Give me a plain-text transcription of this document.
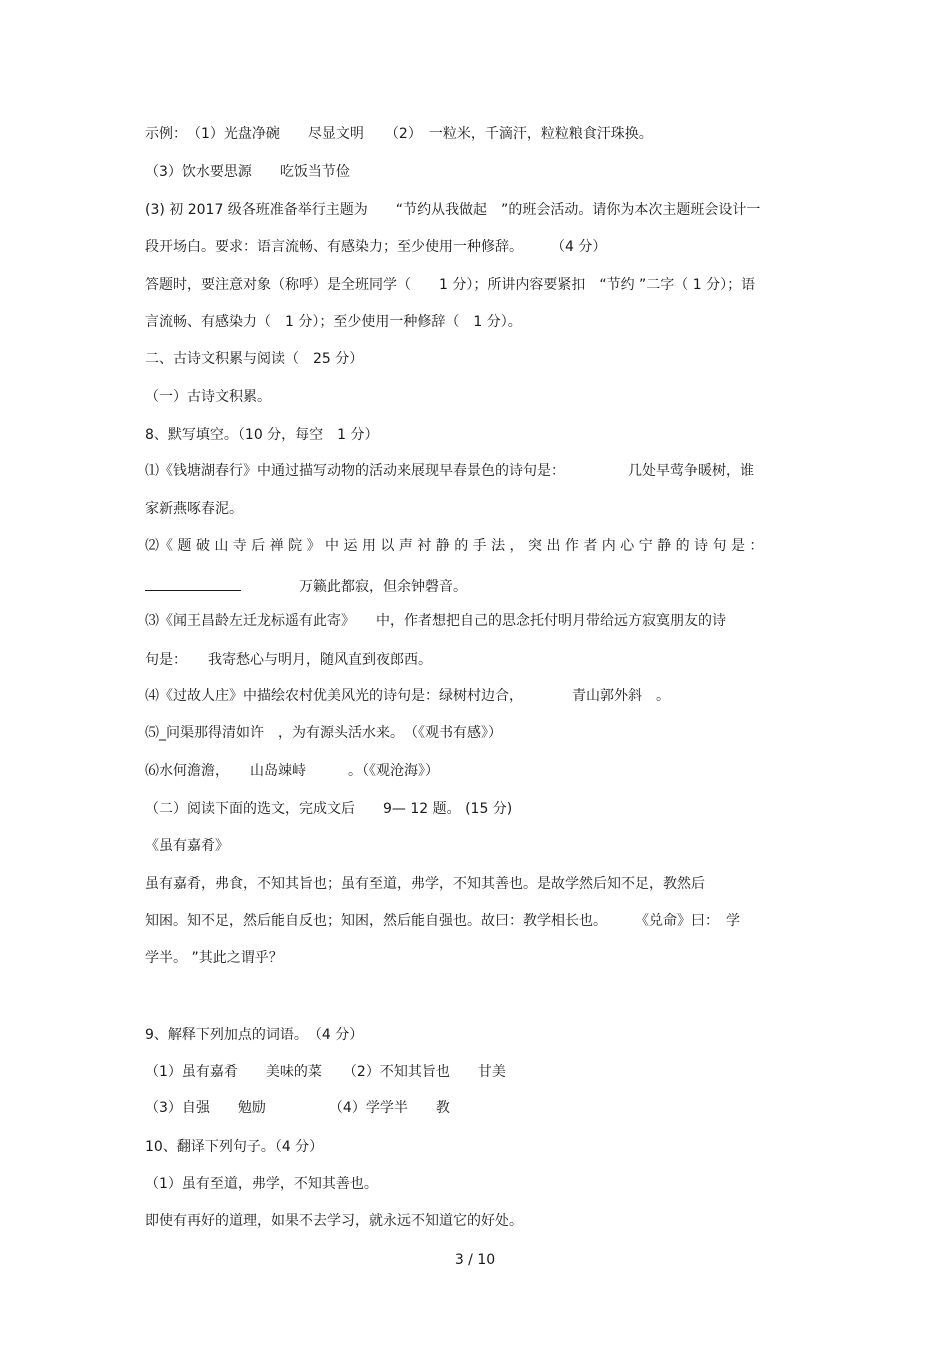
示例：　（1）光盘净碗　　尽显文明　　（2）　一粒米，千滴汗，粒粒粮食汗珠换。
（3）饮水要思源　　吃饭当节俭
(3) 初 2017 级各班准备举行主题为　　“节约从我做起　”的班会活动。请你为本次主题班会设计一
段开场白。要求：语言流畅、有感染力；至少使用一种修辞。　　　（4 分）
答题时，要注意对象（称呼）是全班同学（　　1 分）；所讲内容要紧扣　“节约 ”二字（ 1 分）；语
言流畅、有感染力（　1 分）；至少使用一种修辞（　1 分）。
二、古诗文积累与阅读（　25 分）
（一）古诗文积累。
8、默写填空。（10 分，每空　1 分）
⑴《钱塘湖春行》中通过描写动物的活动来展现早春景色的诗句是：　　　　　几处早莺争暖树，谁
家新燕啄春泥。
⑵《 题 破 山 寺 后 禅 院 》 中 运 用 以 声 衬 静 的 手 法 ， 突 出 作 者 内 心 宁 静 的 诗 句 是 ：
　　　　万籁此都寂，但余钟磬音。
⑶《闻王昌龄左迁龙标遥有此寄》　　中，作者想把自己的思念托付明月带给远方寂寞朋友的诗
句是：　　我寄愁心与明月，随风直到夜郎西。
⑷《过故人庄》中描绘农村优美风光的诗句是：绿树村边合，　　　　青山郭外斜　。
⑸_问渠那得清如许　，为有源头活水来。　（《观书有感》）
⑹水何澹澹，　　山岛竦峙　　　。（《观沧海》）
（二）阅读下面的选文，完成文后　　9— 12 题。 (15 分)
《虽有嘉肴》
虽有嘉肴，弗食，不知其旨也；虽有至道，弗学，不知其善也。是故学然后知不足，教然后
知困。知不足，然后能自反也；知困，然后能自强也。故曰：教学相长也。　　　《兑命》曰：　学
学半。 ”其此之谓乎？
9、解释下列加点的词语。　（4 分）
（1）虽有嘉肴　　美味的菜　　（2）不知其旨也　　甘美
（3）自强　　勉励　　　　　（4）学学半　　教
10、翻译下列句子。（4 分）
（1）虽有至道，弗学，不知其善也。
即使有再好的道理，如果不去学习，就永远不知道它的好处。
3 / 10
